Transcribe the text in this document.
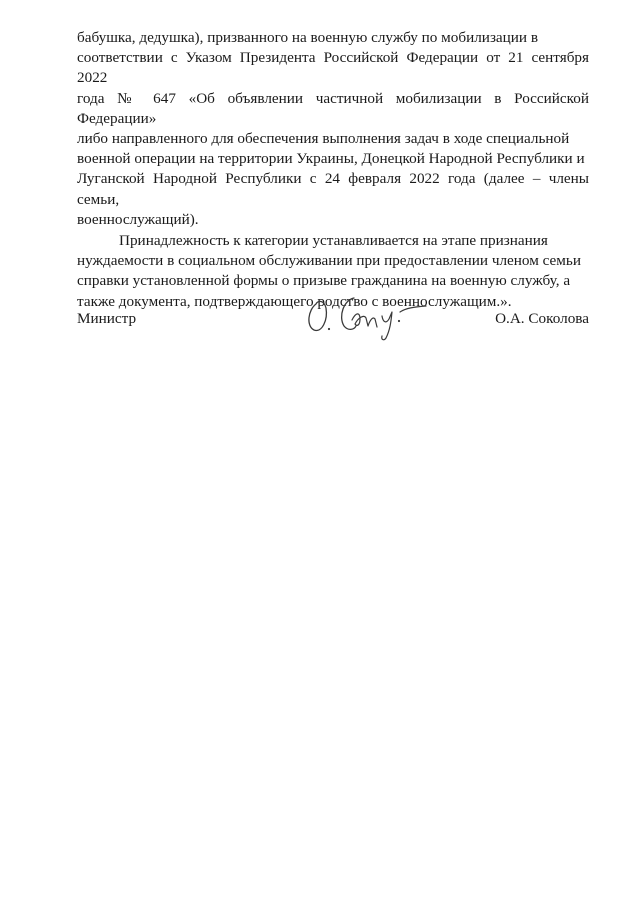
бабушка, дедушка), призванного на военную службу по мобилизации в
соответствии с Указом Президента Российской Федерации от 21 сентября 2022
года № 647 «Об объявлении частичной мобилизации в Российской Федерации»
либо направленного для обеспечения выполнения задач в ходе специальной
военной операции на территории Украины, Донецкой Народной Республики и
Луганской Народной Республики с 24 февраля 2022 года (далее – члены семьи,
военнослужащий).

Принадлежность к категории устанавливается на этапе признания
нуждаемости в социальном обслуживании при предоставлении членом семьи
справки установленной формы о призыве гражданина на военную службу, а
также документа, подтверждающего родство с военнослужащим.».

Министр	О.А. Соколова
